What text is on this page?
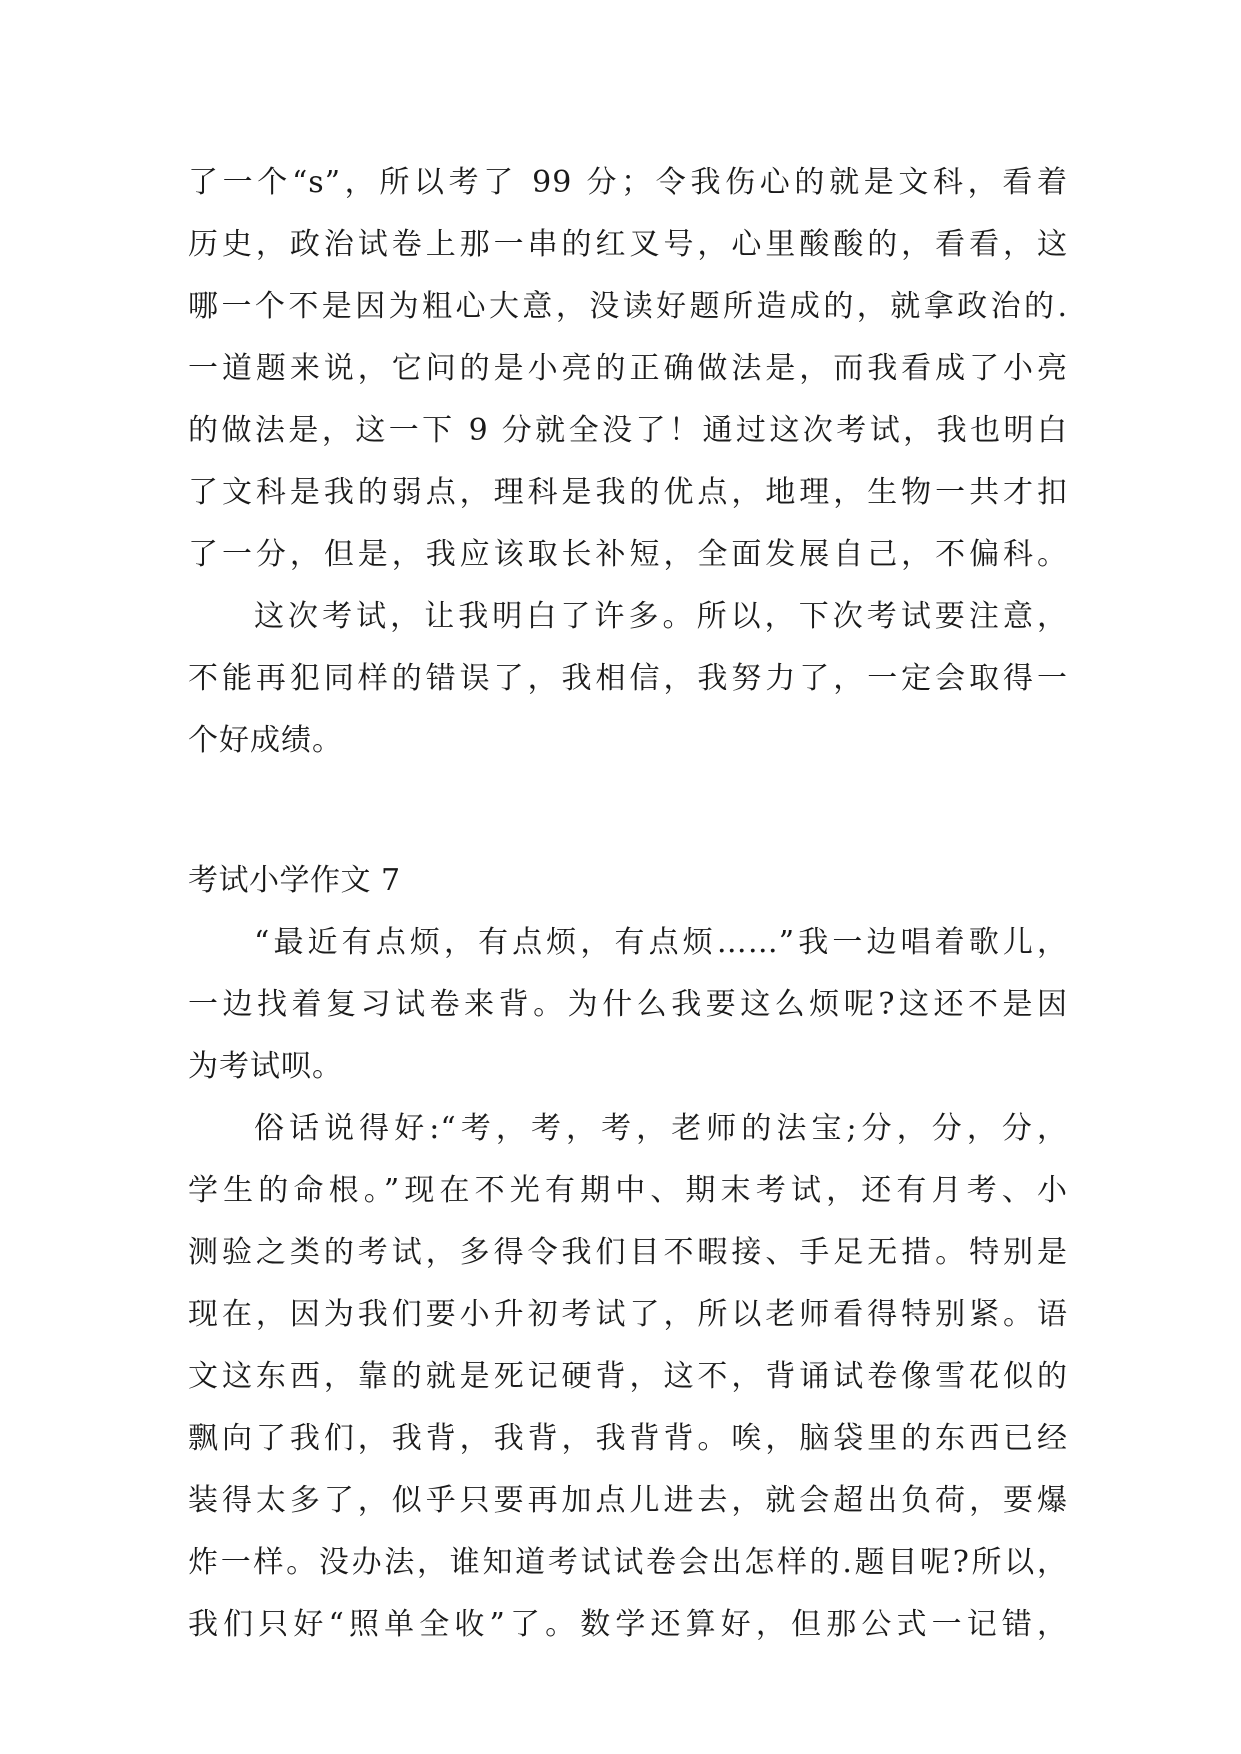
了一个“s”，所以考了 99 分；令我伤心的就是文科，看着
历史，政治试卷上那一串的红叉号，心里酸酸的，看看，这
哪一个不是因为粗心大意，没读好题所造成的，就拿政治的.
一道题来说，它问的是小亮的正确做法是，而我看成了小亮
的做法是，这一下 9 分就全没了！通过这次考试，我也明白
了文科是我的弱点，理科是我的优点，地理，生物一共才扣
了一分，但是，我应该取长补短，全面发展自己，不偏科。
这次考试，让我明白了许多。所以，下次考试要注意，
不能再犯同样的错误了，我相信，我努力了，一定会取得一
个好成绩。
考试小学作文 7
“最近有点烦，有点烦，有点烦……”我一边唱着歌儿，
一边找着复习试卷来背。为什么我要这么烦呢?这还不是因
为考试呗。
俗话说得好:“考，考，考，老师的法宝;分，分，分，
学生的命根。”现在不光有期中、期末考试，还有月考、小
测验之类的考试，多得令我们目不暇接、手足无措。特别是
现在，因为我们要小升初考试了，所以老师看得特别紧。语
文这东西，靠的就是死记硬背，这不，背诵试卷像雪花似的
飘向了我们，我背，我背，我背背。唉，脑袋里的东西已经
装得太多了，似乎只要再加点儿进去，就会超出负荷，要爆
炸一样。没办法，谁知道考试试卷会出怎样的.题目呢?所以，
我们只好“照单全收”了。数学还算好，但那公式一记错，
